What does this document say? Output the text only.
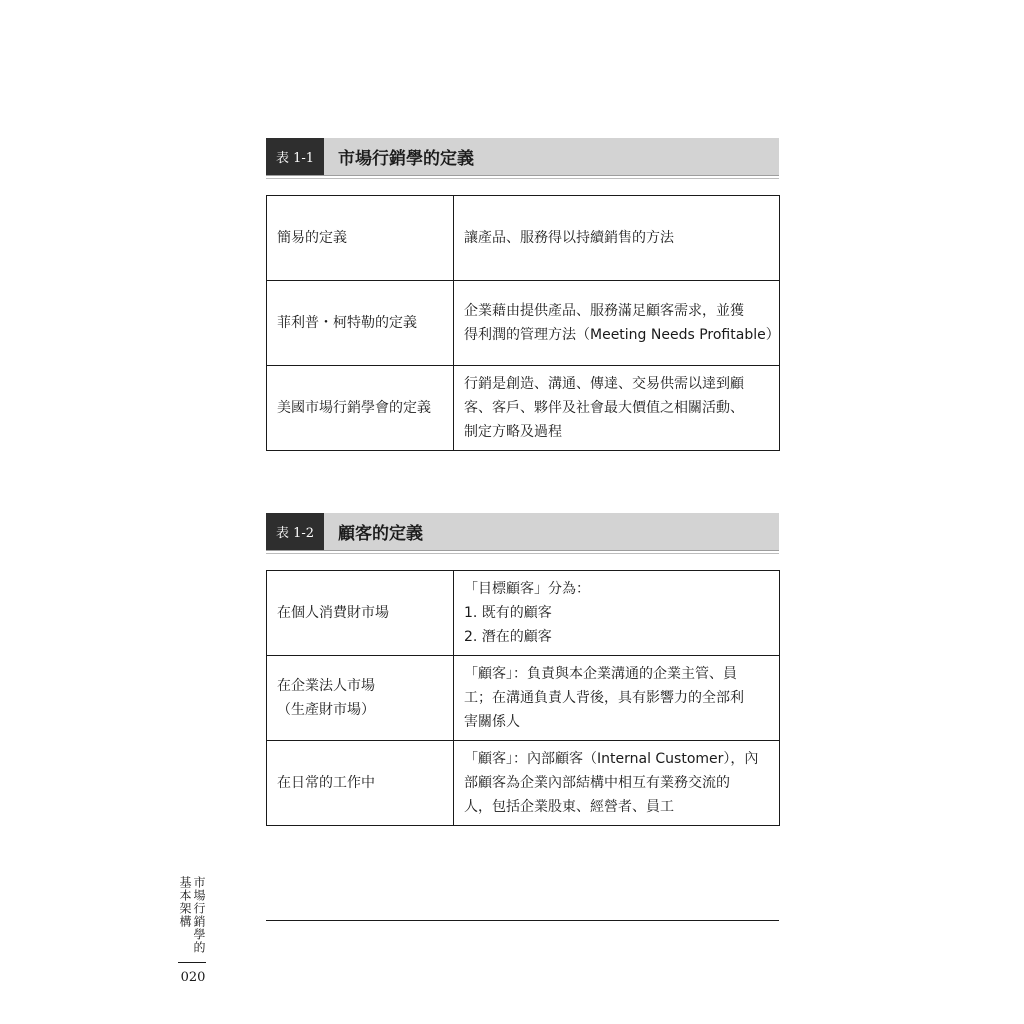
表 1-1	市場行銷學的定義
簡易的定義	讓產品、服務得以持續銷售的方法

菲利普・柯特勒的定義	企業藉由提供產品、服務滿足顧客需求，並獲
得利潤的管理方法（Meeting Needs Profitable）

美國市場行銷學會的定義	行銷是創造、溝通、傳達、交易供需以達到顧
客、客戶、夥伴及社會最大價值之相關活動、
制定方略及過程
表 1-2	顧客的定義
在個人消費財市場	「目標顧客」分為：
1. 既有的顧客
2. 潛在的顧客

在企業法人市場
（生產財市場）	「顧客」：負責與本企業溝通的企業主管、員
工；在溝通負責人背後，具有影響力的全部利
害關係人

在日常的工作中	「顧客」：內部顧客（Internal Customer），內
部顧客為企業內部結構中相互有業務交流的
人，包括企業股東、經營者、員工
市場行銷學的
基本架構
020
